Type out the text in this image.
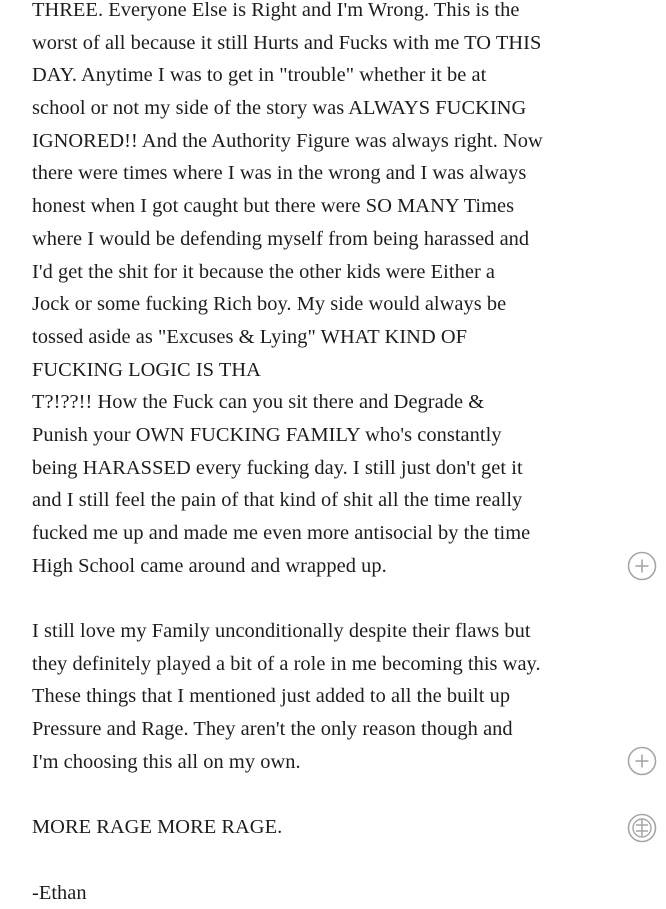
THREE. Everyone Else is Right and I'm Wrong. This is the
worst of all because it still Hurts and Fucks with me TO THIS
DAY. Anytime I was to get in "trouble" whether it be at
school or not my side of the story was ALWAYS FUCKING
IGNORED!! And the Authority Figure was always right. Now
there were times where I was in the wrong and I was always
honest when I got caught but there were SO MANY Times
where I would be defending myself from being harassed and
I'd get the shit for it because the other kids were Either a
Jock or some fucking Rich boy. My side would always be
tossed aside as "Excuses & Lying" WHAT KIND OF
FUCKING LOGIC IS THA
T?!??!! How the Fuck can you sit there and Degrade &
Punish your OWN FUCKING FAMILY who's constantly
being HARASSED every fucking day. I still just don't get it
and I still feel the pain of that kind of shit all the time really
fucked me up and made me even more antisocial by the time
High School came around and wrapped up.
I still love my Family unconditionally despite their flaws but
they definitely played a bit of a role in me becoming this way.
These things that I mentioned just added to all the built up
Pressure and Rage. They aren't the only reason though and
I'm choosing this all on my own.
MORE RAGE MORE RAGE.
-Ethan
